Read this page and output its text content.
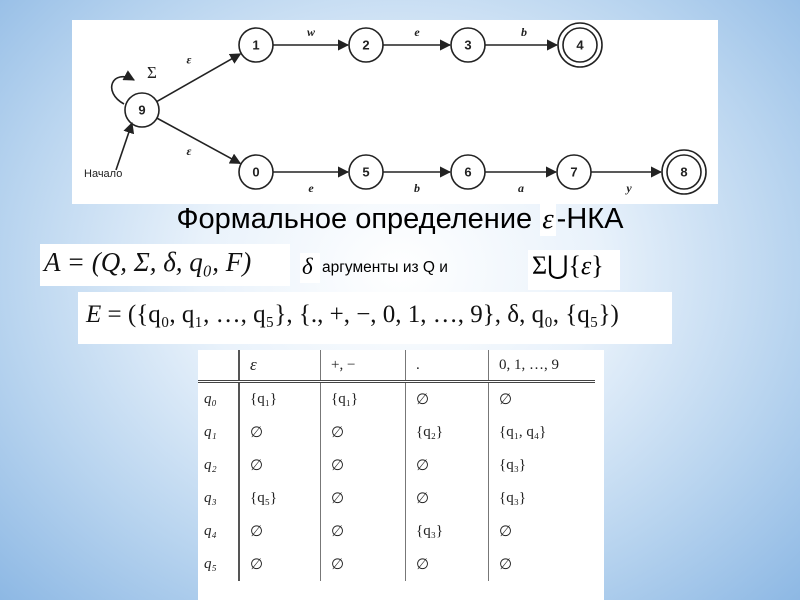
ε
w	e	b
ε
e	b	a	y
9
1	2	3	4
0	5	6	7	8
Σ
Начало
Формальное определение ε -НКА
A = (Q, Σ, δ, q₀, F) δ аргументы из Q и	Σ⋃{ε}
E = ({q₀, q₁, …, q₅}, {., +, −, 0, 1, …, 9}, δ, q₀, {q₅})
	ε	+, −	.	0, 1, …, 9
q₀	{q₁}	{q₁}	∅	∅
q₁	∅	∅	{q₂}	{q₁, q₄}
q₂	∅	∅	∅	{q₃}
q₃	{q₅}	∅	∅	{q₃}
q₄	∅	∅	{q₃}	∅
q₅	∅	∅	∅	∅
